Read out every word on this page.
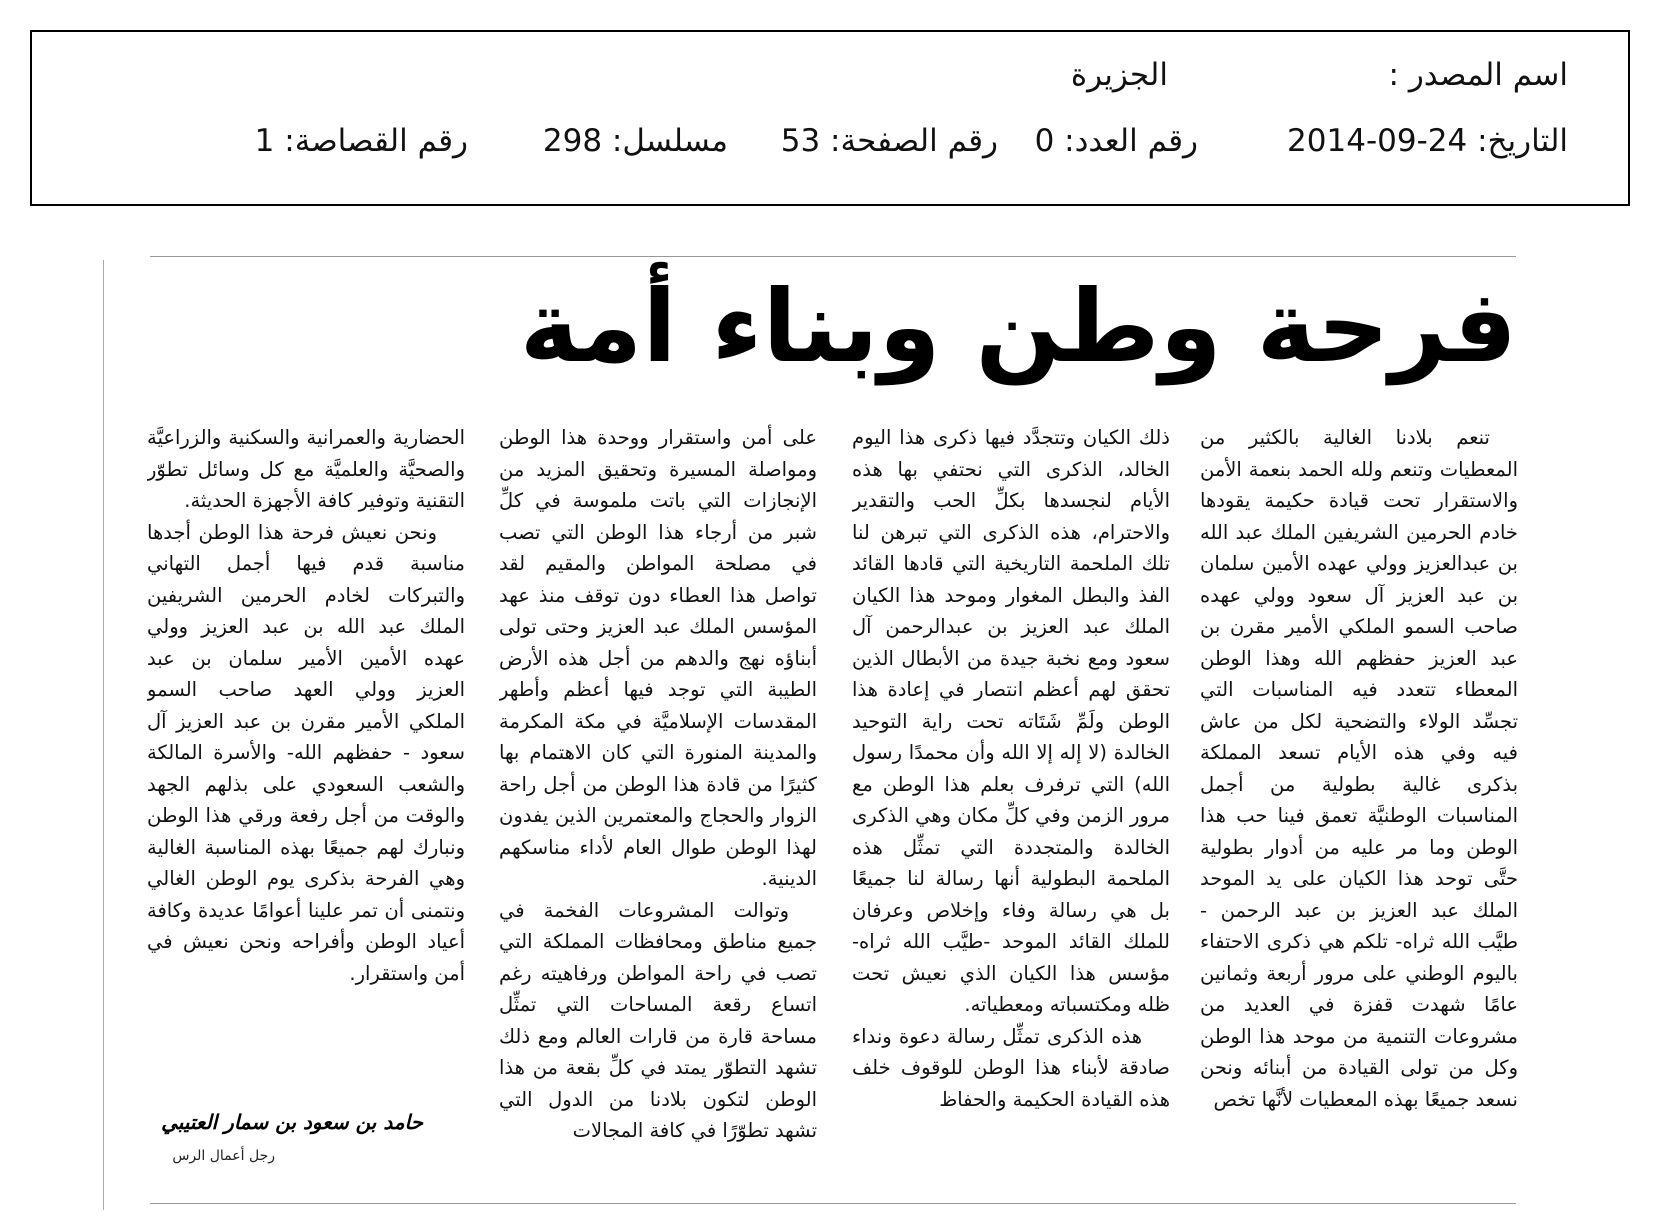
اسم المصدر :
الجزيرة
التاريخ: 24-09-2014
رقم العدد: 0
رقم الصفحة: 53
مسلسل: 298
رقم القصاصة: 1
فرحة وطن وبناء أمة

تنعم بلادنا الغالية بالكثير من المعطيات وتنعم ولله الحمد بنعمة الأمن والاستقرار تحت قيادة حكيمة يقودها خادم الحرمين الشريفين الملك عبد الله بن عبدالعزيز وولي عهده الأمين سلمان بن عبد العزيز آل سعود وولي عهده صاحب السمو الملكي الأمير مقرن بن عبد العزيز حفظهم الله وهذا الوطن المعطاء تتعدد فيه المناسبات التي تجسِّد الولاء والتضحية لكل من عاش فيه وفي هذه الأيام تسعد المملكة بذكرى غالية بطولية من أجمل المناسبات الوطنيَّة تعمق فينا حب هذا الوطن وما مر عليه من أدوار بطولية حتَّى توحد هذا الكيان على يد الموحد الملك عبد العزيز بن عبد الرحمن - طيَّب الله ثراه- تلكم هي ذكرى الاحتفاء باليوم الوطني على مرور أربعة وثمانين عامًا شهدت قفزة في العديد من مشروعات التنمية من موحد هذا الوطن وكل من تولى القيادة من أبنائه ونحن نسعد جميعًا بهذه المعطيات لأنَّها تخص

ذلك الكيان وتتجدَّد فيها ذكرى هذا اليوم الخالد، الذكرى التي نحتفي بها هذه الأيام لنجسدها بكلِّ الحب والتقدير والاحترام، هذه الذكرى التي تبرهن لنا تلك الملحمة التاريخية التي قادها القائد الفذ والبطل المغوار وموحد هذا الكيان الملك عبد العزيز بن عبدالرحمن آل سعود ومع نخبة جيدة من الأبطال الذين تحقق لهم أعظم انتصار في إعادة هذا الوطن ولَمِّ شَتَاته تحت راية التوحيد الخالدة (لا إله إلا الله وأن محمدًا رسول الله) التي ترفرف بعلم هذا الوطن مع مرور الزمن وفي كلِّ مكان وهي الذكرى الخالدة والمتجددة التي تمثِّل هذه الملحمة البطولية أنها رسالة لنا جميعًا بل هي رسالة وفاء وإخلاص وعرفان للملك القائد الموحد -طيَّب الله ثراه- مؤسس هذا الكيان الذي نعيش تحت ظله ومكتسباته ومعطياته.

هذه الذكرى تمثِّل رسالة دعوة ونداء صادقة لأبناء هذا الوطن للوقوف خلف هذه القيادة الحكيمة والحفاظ

على أمن واستقرار ووحدة هذا الوطن ومواصلة المسيرة وتحقيق المزيد من الإنجازات التي باتت ملموسة في كلِّ شبر من أرجاء هذا الوطن التي تصب في مصلحة المواطن والمقيم لقد تواصل هذا العطاء دون توقف منذ عهد المؤسس الملك عبد العزيز وحتى تولى أبناؤه نهج والدهم من أجل هذه الأرض الطيبة التي توجد فيها أعظم وأطهر المقدسات الإسلاميَّة في مكة المكرمة والمدينة المنورة التي كان الاهتمام بها كثيرًا من قادة هذا الوطن من أجل راحة الزوار والحجاج والمعتمرين الذين يفدون لهذا الوطن طوال العام لأداء مناسكهم الدينية.

وتوالت المشروعات الفخمة في جميع مناطق ومحافظات المملكة التي تصب في راحة المواطن ورفاهيته رغم اتساع رقعة المساحات التي تمثِّل مساحة قارة من قارات العالم ومع ذلك تشهد التطوّر يمتد في كلِّ بقعة من هذا الوطن لتكون بلادنا من الدول التي تشهد تطوّرًا في كافة المجالات

الحضارية والعمرانية والسكنية والزراعيَّة والصحيَّة والعلميَّة مع كل وسائل تطوّر التقنية وتوفير كافة الأجهزة الحديثة.

ونحن نعيش فرحة هذا الوطن أجدها مناسبة قدم فيها أجمل التهاني والتبركات لخادم الحرمين الشريفين الملك عبد الله بن عبد العزيز وولي عهده الأمين الأمير سلمان بن عبد العزيز وولي العهد صاحب السمو الملكي الأمير مقرن بن عبد العزيز آل سعود - حفظهم الله- والأسرة المالكة والشعب السعودي على بذلهم الجهد والوقت من أجل رفعة ورقي هذا الوطن ونبارك لهم جميعًا بهذه المناسبة الغالية وهي الفرحة بذكرى يوم الوطن الغالي ونتمنى أن تمر علينا أعوامًا عديدة وكافة أعياد الوطن وأفراحه ونحن نعيش في أمن واستقرار.

حامد بن سعود بن سمار العتيبي
رجل أعمال الرس
